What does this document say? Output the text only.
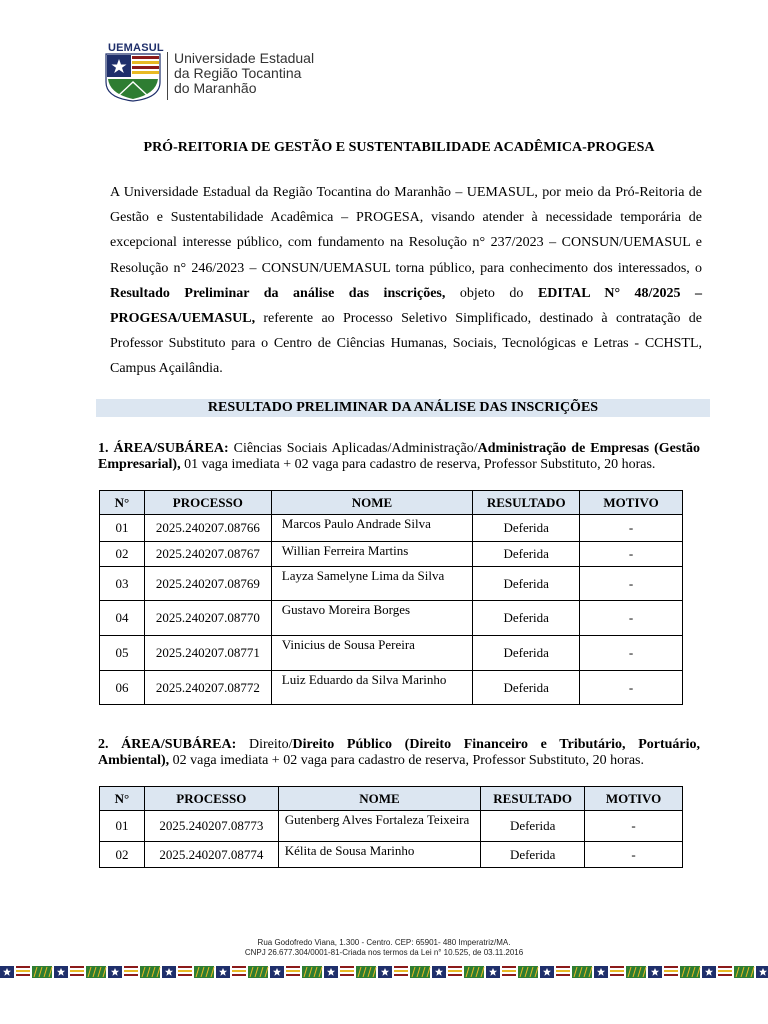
UEMASUL
Universidade Estadual
da Região Tocantina
do Maranhão
PRÓ-REITORIA DE GESTÃO E SUSTENTABILIDADE ACADÊMICA-PROGESA

A Universidade Estadual da Região Tocantina do Maranhão – UEMASUL, por meio da Pró-Reitoria de Gestão e Sustentabilidade Acadêmica – PROGESA, visando atender à necessidade temporária de excepcional interesse público, com fundamento na Resolução n° 237/2023 – CONSUN/UEMASUL e Resolução n° 246/2023 – CONSUN/UEMASUL torna público, para conhecimento dos interessados, o Resultado Preliminar da análise das inscrições, objeto do EDITAL N° 48/2025 –PROGESA/UEMASUL, referente ao Processo Seletivo Simplificado, destinado à contratação de Professor Substituto para o Centro de Ciências Humanas, Sociais, Tecnológicas e Letras - CCHSTL, Campus Açailândia.

RESULTADO PRELIMINAR DA ANÁLISE DAS INSCRIÇÕES
1. ÁREA/SUBÁREA: Ciências Sociais Aplicadas/Administração/Administração de Empresas (Gestão Empresarial), 01 vaga imediata + 02 vaga para cadastro de reserva, Professor Substituto, 20 horas.
N°	PROCESSO	NOME	RESULTADO	MOTIVO
01	2025.240207.08766	Marcos Paulo Andrade Silva	Deferida	-
02	2025.240207.08767	Willian Ferreira Martins	Deferida	-
03	2025.240207.08769	Layza Samelyne Lima da Silva	Deferida	-
04	2025.240207.08770	Gustavo Moreira Borges	Deferida	-
05	2025.240207.08771	Vinicius de Sousa Pereira	Deferida	-
06	2025.240207.08772	Luiz Eduardo da Silva Marinho	Deferida	-
2. ÁREA/SUBÁREA: Direito/Direito Público (Direito Financeiro e Tributário, Portuário, Ambiental), 02 vaga imediata + 02 vaga para cadastro de reserva, Professor Substituto, 20 horas.
N°	PROCESSO	NOME	RESULTADO	MOTIVO
01	2025.240207.08773	Gutenberg Alves Fortaleza Teixeira	Deferida	-
02	2025.240207.08774	Kélita de Sousa Marinho	Deferida	-
Rua Godofredo Viana, 1.300 - Centro. CEP: 65901- 480 Imperatriz/MA.
CNPJ 26.677.304/0001-81-Criada nos termos da Lei n° 10.525, de 03.11.2016
